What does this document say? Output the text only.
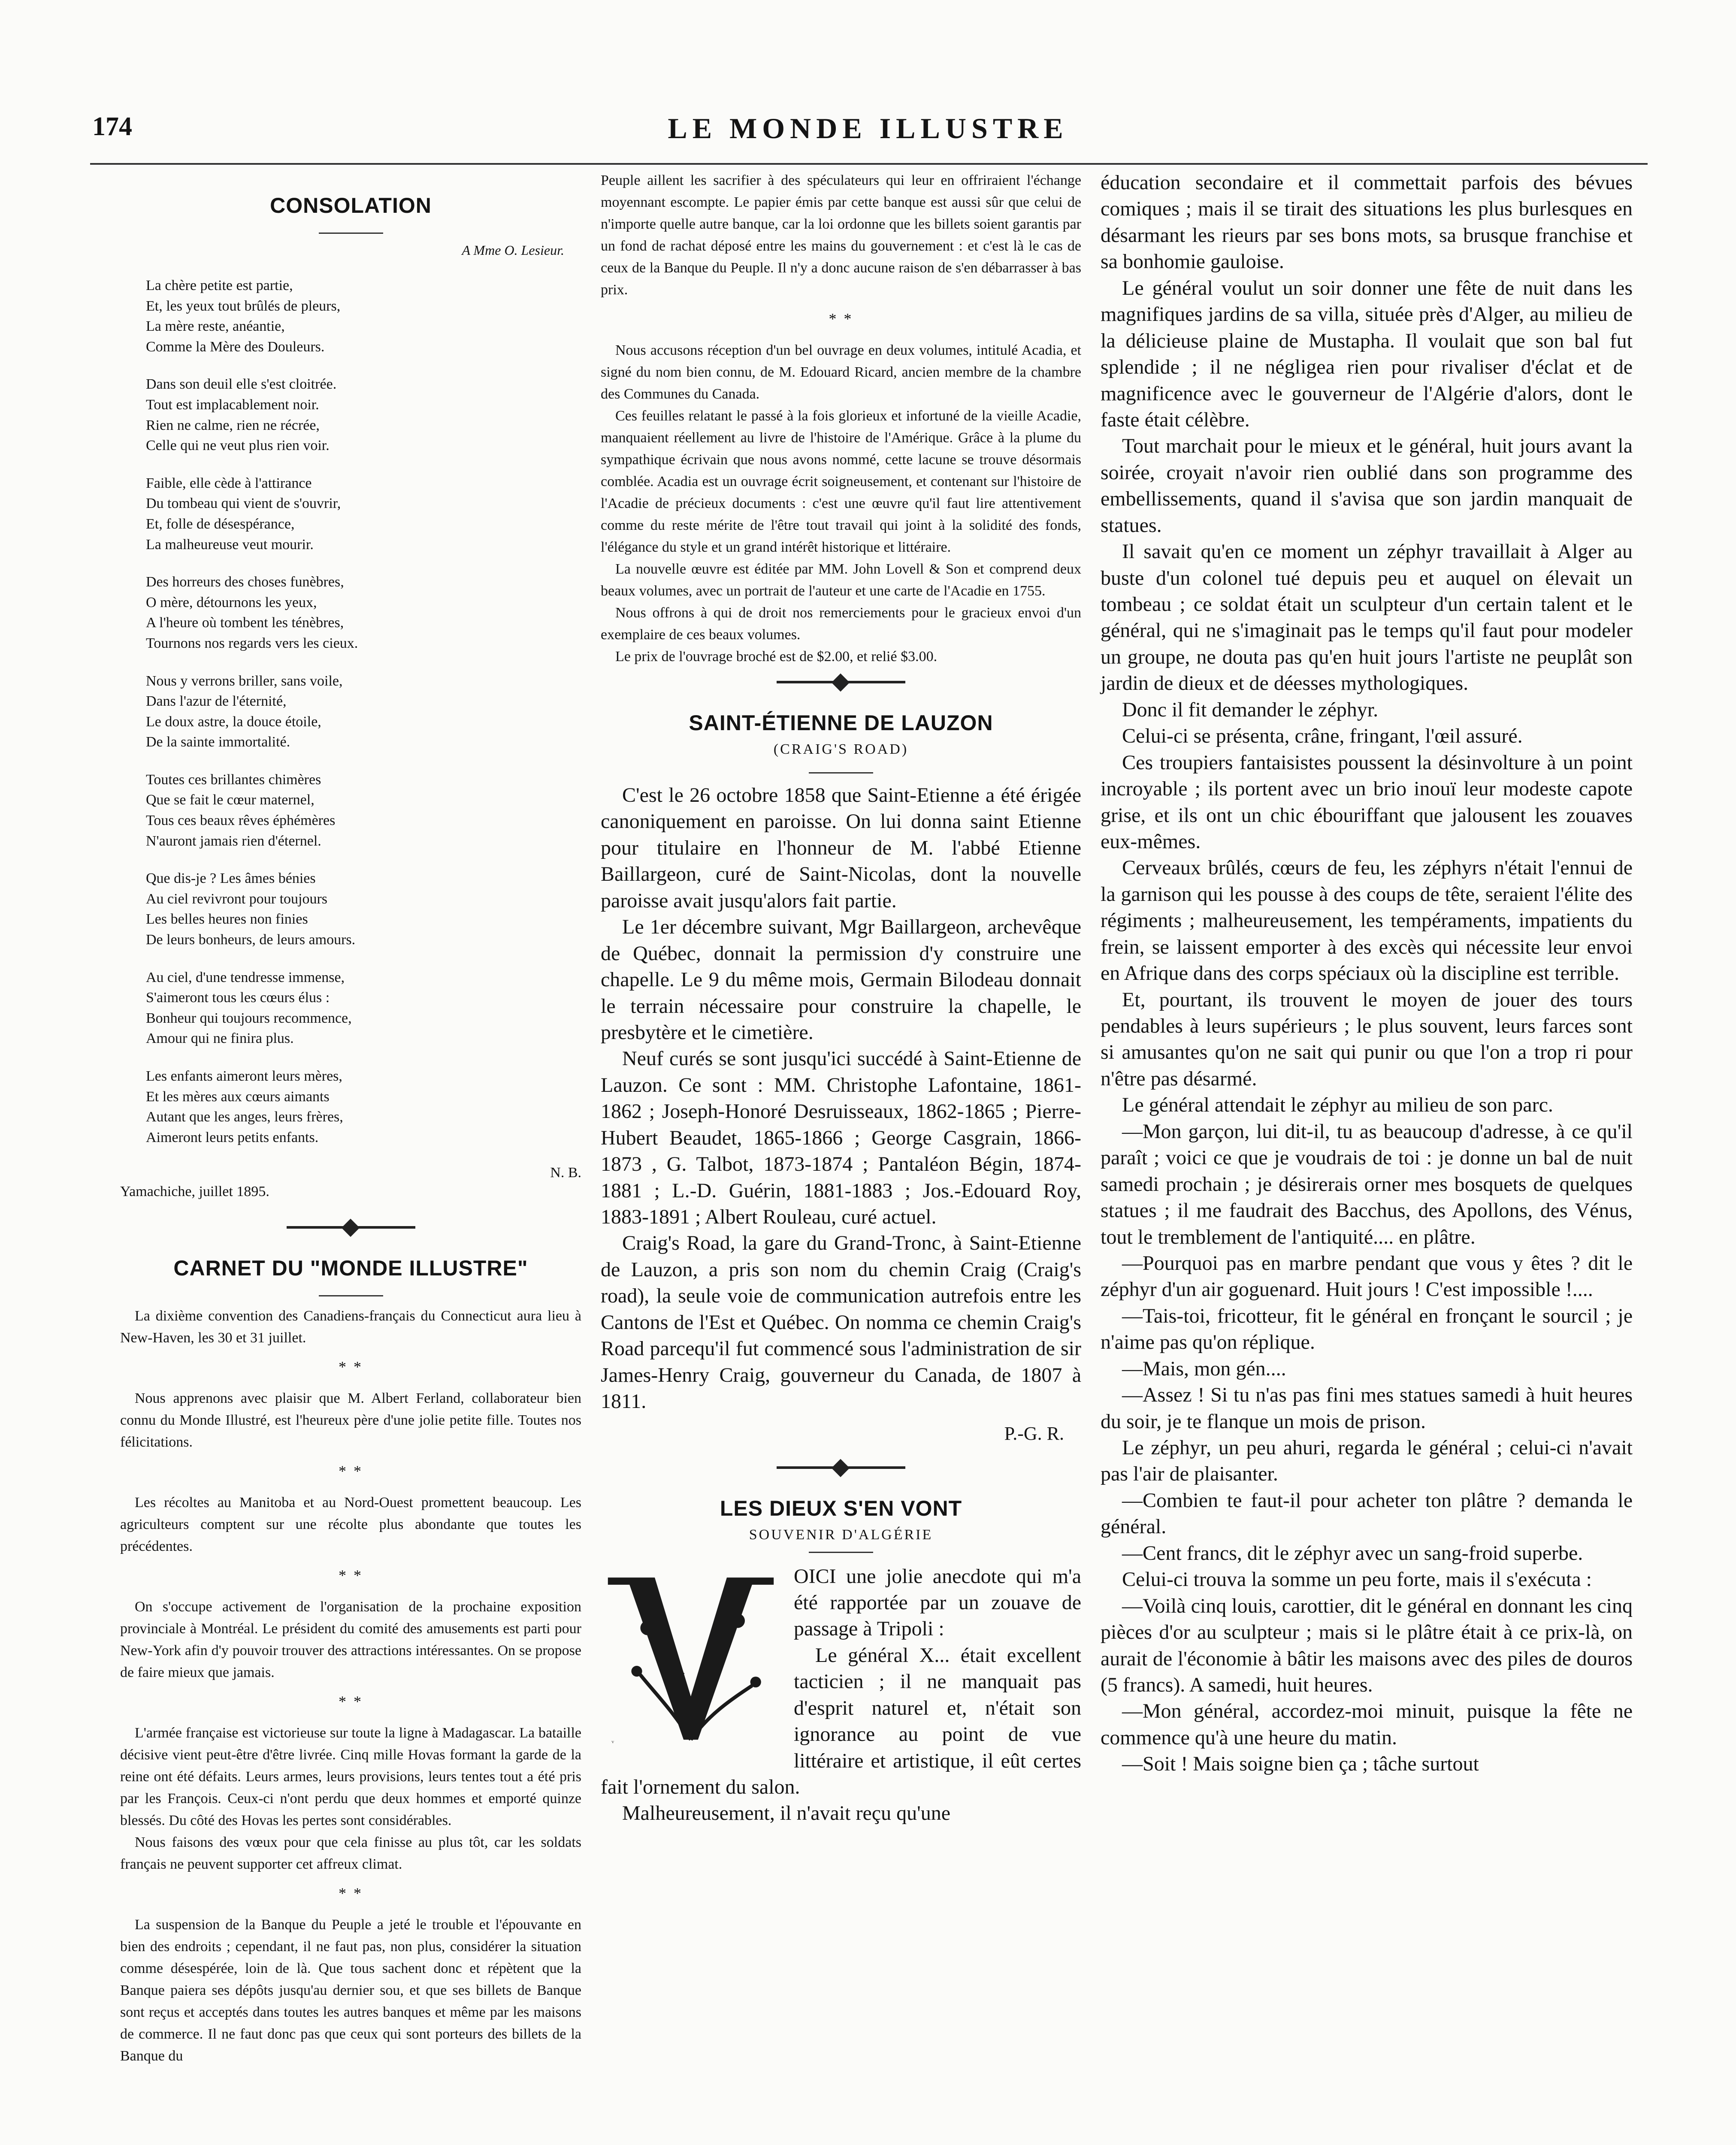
174	LE MONDE ILLUSTRE
CONSOLATION
A Mme O. Lesieur.
La chère petite est partie,
Et, les yeux tout brûlés de pleurs,
La mère reste, anéantie,
Comme la Mère des Douleurs.
Dans son deuil elle s'est cloitrée.
Tout est implacablement noir.
Rien ne calme, rien ne récrée,
Celle qui ne veut plus rien voir.
Faible, elle cède à l'attirance
Du tombeau qui vient de s'ouvrir,
Et, folle de désespérance,
La malheureuse veut mourir.
Des horreurs des choses funèbres,
O mère, détournons les yeux,
A l'heure où tombent les ténèbres,
Tournons nos regards vers les cieux.
Nous y verrons briller, sans voile,
Dans l'azur de l'éternité,
Le doux astre, la douce étoile,
De la sainte immortalité.
Toutes ces brillantes chimères
Que se fait le cœur maternel,
Tous ces beaux rêves éphémères
N'auront jamais rien d'éternel.
Que dis-je ? Les âmes bénies
Au ciel revivront pour toujours
Les belles heures non finies
De leurs bonheurs, de leurs amours.
Au ciel, d'une tendresse immense,
S'aimeront tous les cœurs élus :
Bonheur qui toujours recommence,
Amour qui ne finira plus.
Les enfants aimeront leurs mères,
Et les mères aux cœurs aimants
Autant que les anges, leurs frères,
Aimeront leurs petits enfants.
N. B.
Yamachiche, juillet 1895.
CARNET DU "MONDE ILLUSTRE"

La dixième convention des Canadiens-français du Connecticut aura lieu à New-Haven, les 30 et 31 juillet.

* *

Nous apprenons avec plaisir que M. Albert Ferland, collaborateur bien connu du Monde Illustré, est l'heureux père d'une jolie petite fille. Toutes nos félicitations.

* *

Les récoltes au Manitoba et au Nord-Ouest promettent beaucoup. Les agriculteurs comptent sur une récolte plus abondante que toutes les précédentes.

* *

On s'occupe activement de l'organisation de la prochaine exposition provinciale à Montréal. Le président du comité des amusements est parti pour New-York afin d'y pouvoir trouver des attractions intéressantes. On se propose de faire mieux que jamais.

* *

L'armée française est victorieuse sur toute la ligne à Madagascar. La bataille décisive vient peut-être d'être livrée. Cinq mille Hovas formant la garde de la reine ont été défaits. Leurs armes, leurs provisions, leurs tentes tout a été pris par les François. Ceux-ci n'ont perdu que deux hommes et emporté quinze blessés. Du côté des Hovas les pertes sont considérables.

Nous faisons des vœux pour que cela finisse au plus tôt, car les soldats français ne peuvent supporter cet affreux climat.

* *

La suspension de la Banque du Peuple a jeté le trouble et l'épouvante en bien des endroits ; cependant, il ne faut pas, non plus, considérer la situation comme désespérée, loin de là. Que tous sachent donc et répètent que la Banque paiera ses dépôts jusqu'au dernier sou, et que ses billets de Banque sont reçus et acceptés dans toutes les autres banques et même par les maisons de commerce. Il ne faut donc pas que ceux qui sont porteurs des billets de la Banque du

Peuple aillent les sacrifier à des spéculateurs qui leur en offriraient l'échange moyennant escompte. Le papier émis par cette banque est aussi sûr que celui de n'importe quelle autre banque, car la loi ordonne que les billets soient garantis par un fond de rachat déposé entre les mains du gouvernement : et c'est là le cas de ceux de la Banque du Peuple. Il n'y a donc aucune raison de s'en débarrasser à bas prix.

* *

Nous accusons réception d'un bel ouvrage en deux volumes, intitulé Acadia, et signé du nom bien connu, de M. Edouard Ricard, ancien membre de la chambre des Communes du Canada.

Ces feuilles relatant le passé à la fois glorieux et infortuné de la vieille Acadie, manquaient réellement au livre de l'histoire de l'Amérique. Grâce à la plume du sympathique écrivain que nous avons nommé, cette lacune se trouve désormais comblée. Acadia est un ouvrage écrit soigneusement, et contenant sur l'histoire de l'Acadie de précieux documents : c'est une œuvre qu'il faut lire attentivement comme du reste mérite de l'être tout travail qui joint à la solidité des fonds, l'élégance du style et un grand intérêt historique et littéraire.

La nouvelle œuvre est éditée par MM. John Lovell & Son et comprend deux beaux volumes, avec un portrait de l'auteur et une carte de l'Acadie en 1755.

Nous offrons à qui de droit nos remerciements pour le gracieux envoi d'un exemplaire de ces beaux volumes.

Le prix de l'ouvrage broché est de $2.00, et relié $3.00.

SAINT-ÉTIENNE DE LAUZON
(CRAIG'S ROAD)

C'est le 26 octobre 1858 que Saint-Etienne a été érigée canoniquement en paroisse. On lui donna saint Etienne pour titulaire en l'honneur de M. l'abbé Etienne Baillargeon, curé de Saint-Nicolas, dont la nouvelle paroisse avait jusqu'alors fait partie.

Le 1er décembre suivant, Mgr Baillargeon, archevêque de Québec, donnait la permission d'y construire une chapelle. Le 9 du même mois, Germain Bilodeau donnait le terrain nécessaire pour construire la chapelle, le presbytère et le cimetière.

Neuf curés se sont jusqu'ici succédé à Saint-Etienne de Lauzon. Ce sont : MM. Christophe Lafontaine, 1861-1862 ; Joseph-Honoré Desruisseaux, 1862-1865 ; Pierre-Hubert Beaudet, 1865-1866 ; George Casgrain, 1866-1873 , G. Talbot, 1873-1874 ; Pantaléon Bégin, 1874-1881 ; L.-D. Guérin, 1881-1883 ; Jos.-Edouard Roy, 1883-1891 ; Albert Rouleau, curé actuel.

Craig's Road, la gare du Grand-Tronc, à Saint-Etienne de Lauzon, a pris son nom du chemin Craig (Craig's road), la seule voie de communication autrefois entre les Cantons de l'Est et Québec. On nomma ce chemin Craig's Road parcequ'il fut commencé sous l'administration de sir James-Henry Craig, gouverneur du Canada, de 1807 à 1811.

P.-G. R.
LES DIEUX S'EN VONT
SOUVENIR D'ALGÉRIE
V

OICI une jolie anecdote qui m'a été rapportée par un zouave de passage à Tripoli :

Le général X... était excellent tacticien ; il ne manquait pas d'esprit naturel et, n'était son ignorance au point de vue littéraire et artistique, il eût certes fait l'ornement du salon.

Malheureusement, il n'avait reçu qu'une

éducation secondaire et il commettait parfois des bévues comiques ; mais il se tirait des situations les plus burlesques en désarmant les rieurs par ses bons mots, sa brusque franchise et sa bonhomie gauloise.

Le général voulut un soir donner une fête de nuit dans les magnifiques jardins de sa villa, située près d'Alger, au milieu de la délicieuse plaine de Mustapha. Il voulait que son bal fut splendide ; il ne négligea rien pour rivaliser d'éclat et de magnificence avec le gouverneur de l'Algérie d'alors, dont le faste était célèbre.

Tout marchait pour le mieux et le général, huit jours avant la soirée, croyait n'avoir rien oublié dans son programme des embellissements, quand il s'avisa que son jardin manquait de statues.

Il savait qu'en ce moment un zéphyr travaillait à Alger au buste d'un colonel tué depuis peu et auquel on élevait un tombeau ; ce soldat était un sculpteur d'un certain talent et le général, qui ne s'imaginait pas le temps qu'il faut pour modeler un groupe, ne douta pas qu'en huit jours l'artiste ne peuplât son jardin de dieux et de déesses mythologiques.

Donc il fit demander le zéphyr.

Celui-ci se présenta, crâne, fringant, l'œil assuré.

Ces troupiers fantaisistes poussent la désinvolture à un point incroyable ; ils portent avec un brio inouï leur modeste capote grise, et ils ont un chic ébouriffant que jalousent les zouaves eux-mêmes.

Cerveaux brûlés, cœurs de feu, les zéphyrs n'était l'ennui de la garnison qui les pousse à des coups de tête, seraient l'élite des régiments ; malheureusement, les tempéraments, impatients du frein, se laissent emporter à des excès qui nécessite leur envoi en Afrique dans des corps spéciaux où la discipline est terrible.

Et, pourtant, ils trouvent le moyen de jouer des tours pendables à leurs supérieurs ; le plus souvent, leurs farces sont si amusantes qu'on ne sait qui punir ou que l'on a trop ri pour n'être pas désarmé.

Le général attendait le zéphyr au milieu de son parc.

—Mon garçon, lui dit-il, tu as beaucoup d'adresse, à ce qu'il paraît ; voici ce que je voudrais de toi : je donne un bal de nuit samedi prochain ; je désirerais orner mes bosquets de quelques statues ; il me faudrait des Bacchus, des Apollons, des Vénus, tout le tremblement de l'antiquité.... en plâtre.

—Pourquoi pas en marbre pendant que vous y êtes ? dit le zéphyr d'un air goguenard. Huit jours ! C'est impossible !....

—Tais-toi, fricotteur, fit le général en fronçant le sourcil ; je n'aime pas qu'on réplique.

—Mais, mon gén....

—Assez ! Si tu n'as pas fini mes statues samedi à huit heures du soir, je te flanque un mois de prison.

Le zéphyr, un peu ahuri, regarda le général ; celui-ci n'avait pas l'air de plaisanter.

—Combien te faut-il pour acheter ton plâtre ? demanda le général.

—Cent francs, dit le zéphyr avec un sang-froid superbe.

Celui-ci trouva la somme un peu forte, mais il s'exécuta :

—Voilà cinq louis, carottier, dit le général en donnant les cinq pièces d'or au sculpteur ; mais si le plâtre était à ce prix-là, on aurait de l'économie à bâtir les maisons avec des piles de douros (5 francs). A samedi, huit heures.

—Mon général, accordez-moi minuit, puisque la fête ne commence qu'à une heure du matin.

—Soit ! Mais soigne bien ça ; tâche surtout
